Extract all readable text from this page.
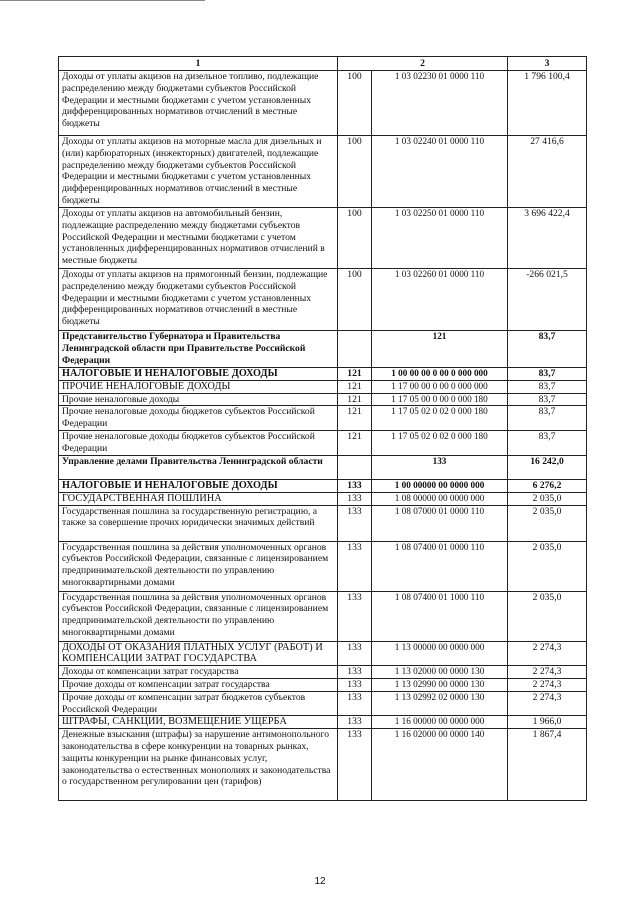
1	2		3
Доходы от уплаты акцизов на дизельное топливо, подлежащие распределению между бюджетами субъектов Российской Федерации и местными бюджетами с учетом установленных дифференцированных нормативов отчислений в местные бюджеты	100	1 03 02230 01 0000 110	1 796 100,4
Доходы от уплаты акцизов на моторные масла для дизельных и (или) карбюраторных (инжекторных) двигателей, подлежащие распределению между бюджетами субъектов Российской Федерации и местными бюджетами с учетом установленных дифференцированных нормативов отчислений в местные бюджеты	100	1 03 02240 01 0000 110	27 416,6
Доходы от уплаты акцизов на автомобильный бензин, подлежащие распределению между бюджетами субъектов Российской Федерации и местными бюджетами с учетом установленных дифференцированных нормативов отчислений в местные бюджеты	100	1 03 02250 01 0000 110	3 696 422,4
Доходы от уплаты акцизов на прямогонный бензин, подлежащие распределению между бюджетами субъектов Российской Федерации и местными бюджетами с учетом установленных дифференцированных нормативов отчислений в местные бюджеты	100	1 03 02260 01 0000 110	-266 021,5
Представительство Губернатора и Правительства Ленинградской области при Правительстве Российской Федерации		121	83,7
НАЛОГОВЫЕ И НЕНАЛОГОВЫЕ ДОХОДЫ	121	1 00 00 00 0 00 0 000 000	83,7
ПРОЧИЕ НЕНАЛОГОВЫЕ ДОХОДЫ	121	1 17 00 00 0 00 0 000 000	83,7
Прочие неналоговые доходы	121	1 17 05 00 0 00 0 000 180	83,7
Прочие неналоговые доходы бюджетов субъектов Российской Федерации	121	1 17 05 02 0 02 0 000 180	83,7
Прочие неналоговые доходы бюджетов субъектов Российской Федерации	121	1 17 05 02 0 02 0 000 180	83,7
Управление делами Правительства Ленинградской области		133	16 242,0
НАЛОГОВЫЕ И НЕНАЛОГОВЫЕ ДОХОДЫ	133	1 00 00000 00 0000 000	6 276,2
ГОСУДАРСТВЕННАЯ ПОШЛИНА	133	1 08 00000 00 0000 000	2 035,0
Государственная пошлина за государственную регистрацию, а также за совершение прочих юридически значимых действий	133	1 08 07000 01 0000 110	2 035,0
Государственная пошлина за действия уполномоченных органов субъектов Российской Федерации, связанные с лицензированием предпринимательской деятельности по управлению многоквартирными домами	133	1 08 07400 01 0000 110	2 035,0
Государственная пошлина за действия уполномоченных органов субъектов Российской Федерации, связанные с лицензированием предпринимательской деятельности по управлению многоквартирными домами	133	1 08 07400 01 1000 110	2 035,0
ДОХОДЫ ОТ ОКАЗАНИЯ ПЛАТНЫХ УСЛУГ (РАБОТ) И КОМПЕНСАЦИИ ЗАТРАТ ГОСУДАРСТВА	133	1 13 00000 00 0000 000	2 274,3
Доходы от компенсации затрат государства	133	1 13 02000 00 0000 130	2 274,3
Прочие доходы от компенсации затрат государства	133	1 13 02990 00 0000 130	2 274,3
Прочие доходы от компенсации затрат бюджетов субъектов Российской Федерации	133	1 13 02992 02 0000 130	2 274,3
ШТРАФЫ, САНКЦИИ, ВОЗМЕЩЕНИЕ УЩЕРБА	133	1 16 00000 00 0000 000	1 966,0
Денежные взыскания (штрафы) за нарушение антимонопольного законодательства в сфере конкуренции на товарных рынках, защиты конкуренции на рынке финансовых услуг, законодательства о естественных монополиях и законодательства о государственном регулировании цен (тарифов)	133	1 16 02000 00 0000 140	1 867,4
12
